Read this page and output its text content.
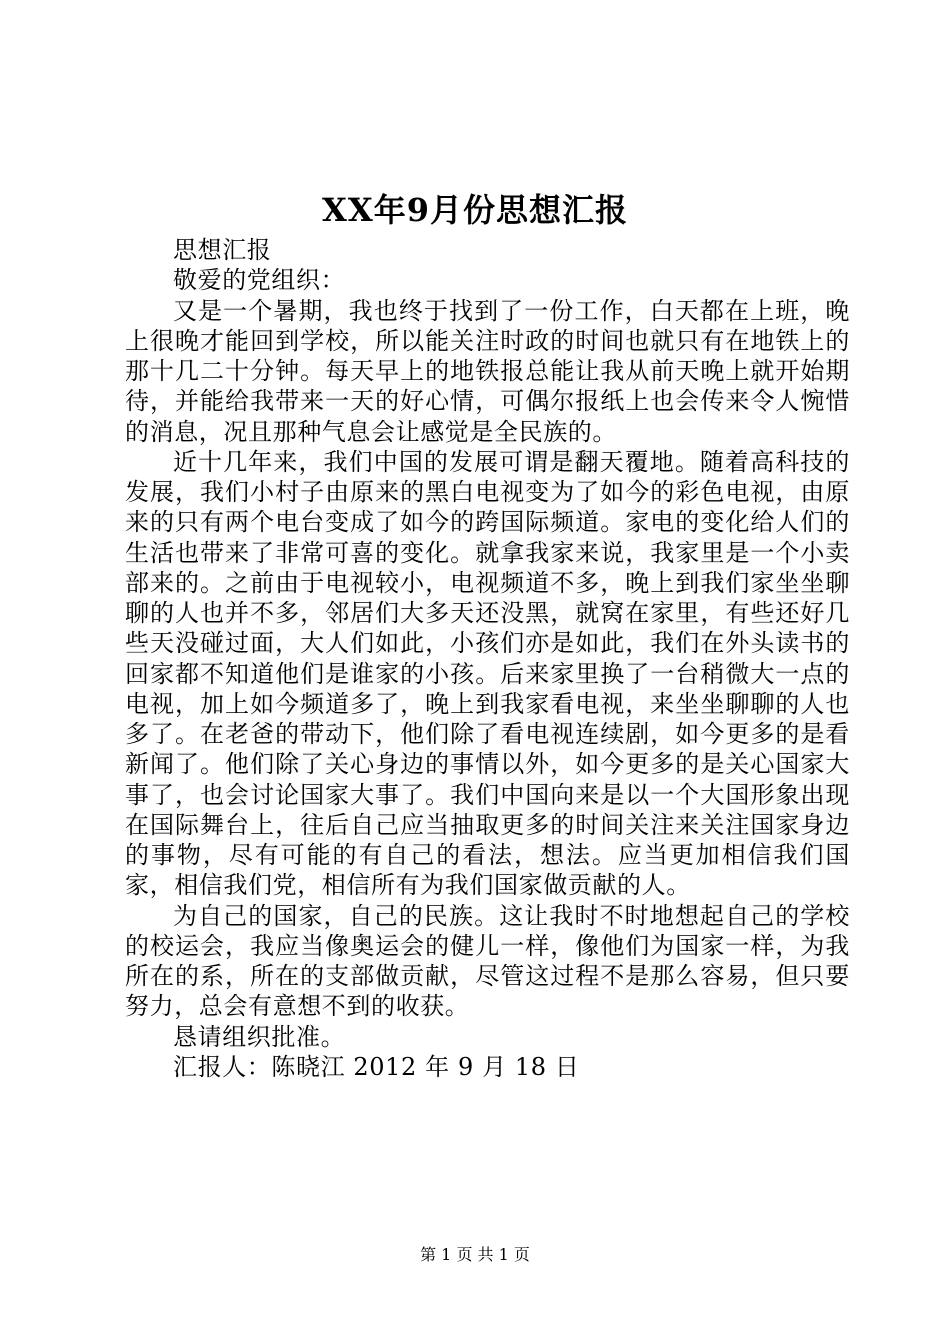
XX年9月份思想汇报

思想汇报

敬爱的党组织：

又是一个暑期，我也终于找到了一份工作，白天都在上班，晚上很晚才能回到学校，所以能关注时政的时间也就只有在地铁上的那十几二十分钟。每天早上的地铁报总能让我从前天晚上就开始期待，并能给我带来一天的好心情，可偶尔报纸上也会传来令人惋惜的消息，况且那种气息会让感觉是全民族的。

近十几年来，我们中国的发展可谓是翻天覆地。随着高科技的发展，我们小村子由原来的黑白电视变为了如今的彩色电视，由原来的只有两个电台变成了如今的跨国际频道。家电的变化给人们的生活也带来了非常可喜的变化。就拿我家来说，我家里是一个小卖部来的。之前由于电视较小，电视频道不多，晚上到我们家坐坐聊聊的人也并不多，邻居们大多天还没黑，就窝在家里，有些还好几些天没碰过面，大人们如此，小孩们亦是如此，我们在外头读书的回家都不知道他们是谁家的小孩。后来家里换了一台稍微大一点的电视，加上如今频道多了，晚上到我家看电视，来坐坐聊聊的人也多了。在老爸的带动下，他们除了看电视连续剧，如今更多的是看新闻了。他们除了关心身边的事情以外，如今更多的是关心国家大事了，也会讨论国家大事了。我们中国向来是以一个大国形象出现在国际舞台上，往后自己应当抽取更多的时间关注来关注国家身边的事物，尽有可能的有自己的看法，想法。应当更加相信我们国家，相信我们党，相信所有为我们国家做贡献的人。

为自己的国家，自己的民族。这让我时不时地想起自己的学校的校运会，我应当像奥运会的健儿一样，像他们为国家一样，为我所在的系，所在的支部做贡献，尽管这过程不是那么容易，但只要努力，总会有意想不到的收获。

恳请组织批准。

汇报人：陈晓江 2012 年 9 月 18 日

第 1 页 共 1 页
